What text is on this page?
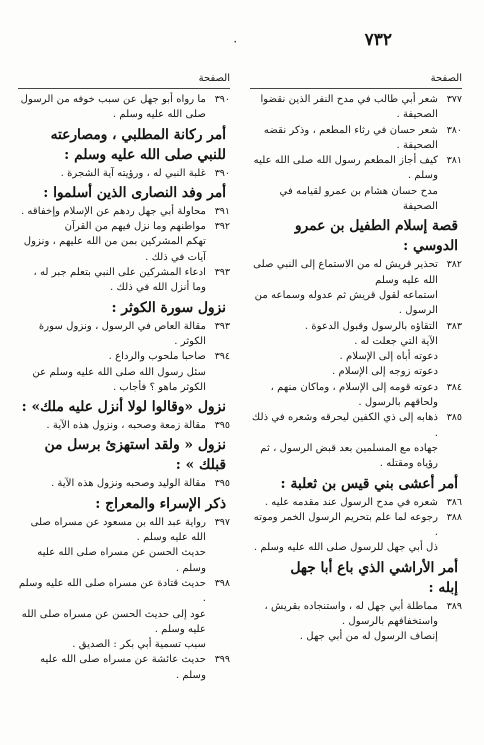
٧٣٢
٠
الصفحة
٣٧٧
شعر أبي طالب في مدح النفر الذين نقضوا الصحيفة .
٣٨٠
شعر حسان في رثاء المطعم ، وذكر نقضه الصحيفة .
٣٨١
كيف أجاز المطعم رسول الله صلى الله عليه وسلم .
مدح حسان هشام بن عمرو لقيامه في الصحيفة
قصة إسلام الطفيل بن عمرو
الدوسي :
٣٨٢
تحذير قريش له من الاستماع إلى النبي صلى الله عليه وسلم
استماعه لقول قريش ثم عدوله وسماعه من الرسول .
٣٨٣
التقاؤه بالرسول وقبول الدعوة .
الآية التي جعلت له .
دعوته أباه إلى الإسلام .
دعوته زوجه إلى الإسلام .
٣٨٤
دعوته قومه إلى الإسلام ، وماكان منهم ، ولحاقهم بالرسول .
٣٨٥
ذهابه إلى ذي الكفين ليحرقه وشعره في ذلك .
جهاده مع المسلمين بعد قبض الرسول ، ثم رؤياه ومقتله .
أمر أعشى بني قيس بن ثعلبة :
٣٨٦
شعره في مدح الرسول عند مقدمه عليه .
٣٨٨
رجوعه لما علم بتحريم الرسول الخمر وموته .
ذل أبي جهل للرسول صلى الله عليه وسلم .
أمر الأراشي الذي باع أبا جهل
إبله :
٣٨٩
مماطلة أبي جهل له ، واستنجاده بقريش ، واستخفافهم بالرسول .
إنصاف الرسول له من أبي جهل .
الصفحة
٣٩٠
ما رواه أبو جهل عن سبب خوفه من الرسول صلى الله عليه وسلم .
أمر ركانة المطلبي ، ومصارعته
للنبي صلى الله عليه وسلم :
٣٩٠
غلبة النبي له ، ورؤيته آية الشجرة .
أمر وفد النصارى الذين أسلموا :
٣٩١
محاولة أبي جهل ردهم عن الإسلام وإخفاقه .
٣٩٢
مواطنهم وما نزل فيهم من القرآن
تهكم المشركين بمن من الله عليهم ، ونزول آيات في ذلك .
٣٩٣
ادعاء المشركين على النبي بتعلم جبر له ، وما أنزل الله في ذلك .
نزول سورة الكوثر :
٣٩٣
مقالة العاص في الرسول ، ونزول سورة الكوثر .
٣٩٤
صاحبا ملحوب والرداع .
سئل رسول الله صلى الله عليه وسلم عن الكوثر ماهو ؟ فأجاب .
نزول «وقالوا لولا أنزل عليه ملك» :
٣٩٥
مقالة زمعة وصحبه ، ونزول هذه الآية .
نزول « ولقد استهزئ برسل من
قبلك » :
٣٩٥
مقالة الوليد وصحبه ونزول هذه الآية .
ذكر الإسراء والمعراج :
٣٩٧
رواية عبد الله بن مسعود عن مسراه صلى الله عليه وسلم .
حديث الحسن عن مسراه صلى الله عليه وسلم .
٣٩٨
حديث قتادة عن مسراه صلى الله عليه وسلم .
عود إلى حديث الحسن عن مسراه صلى الله عليه وسلم .
سبب تسمية أبي بكر : الصديق .
٣٩٩
حديث عائشة عن مسراه صلى الله عليه وسلم .
